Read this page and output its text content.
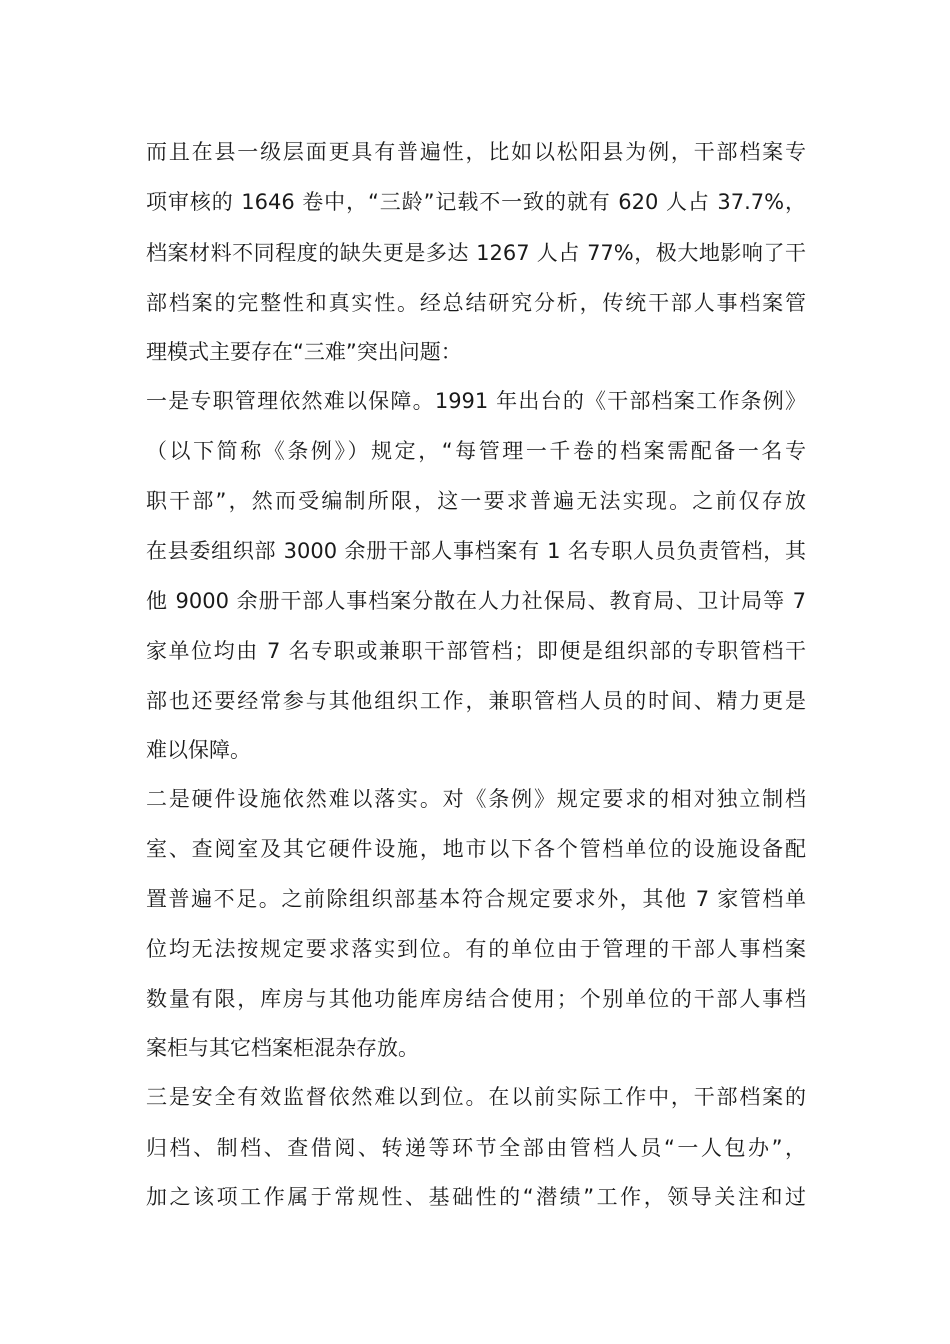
而且在县一级层面更具有普遍性，比如以松阳县为例，干部档案专
项审核的 1646 卷中，“三龄”记载不一致的就有 620 人占 37.7%，
档案材料不同程度的缺失更是多达 1267 人占 77%，极大地影响了干
部档案的完整性和真实性。经总结研究分析，传统干部人事档案管
理模式主要存在“三难”突出问题：
一是专职管理依然难以保障。1991 年出台的《干部档案工作条例》
（以下简称《条例》）规定，“每管理一千卷的档案需配备一名专
职干部”，然而受编制所限，这一要求普遍无法实现。之前仅存放
在县委组织部 3000 余册干部人事档案有 1 名专职人员负责管档，其
他 9000 余册干部人事档案分散在人力社保局、教育局、卫计局等 7
家单位均由 7 名专职或兼职干部管档；即便是组织部的专职管档干
部也还要经常参与其他组织工作，兼职管档人员的时间、精力更是
难以保障。
二是硬件设施依然难以落实。对《条例》规定要求的相对独立制档
室、查阅室及其它硬件设施，地市以下各个管档单位的设施设备配
置普遍不足。之前除组织部基本符合规定要求外，其他 7 家管档单
位均无法按规定要求落实到位。有的单位由于管理的干部人事档案
数量有限，库房与其他功能库房结合使用；个别单位的干部人事档
案柜与其它档案柜混杂存放。
三是安全有效监督依然难以到位。在以前实际工作中，干部档案的
归档、制档、查借阅、转递等环节全部由管档人员“一人包办”，
加之该项工作属于常规性、基础性的“潜绩”工作，领导关注和过
